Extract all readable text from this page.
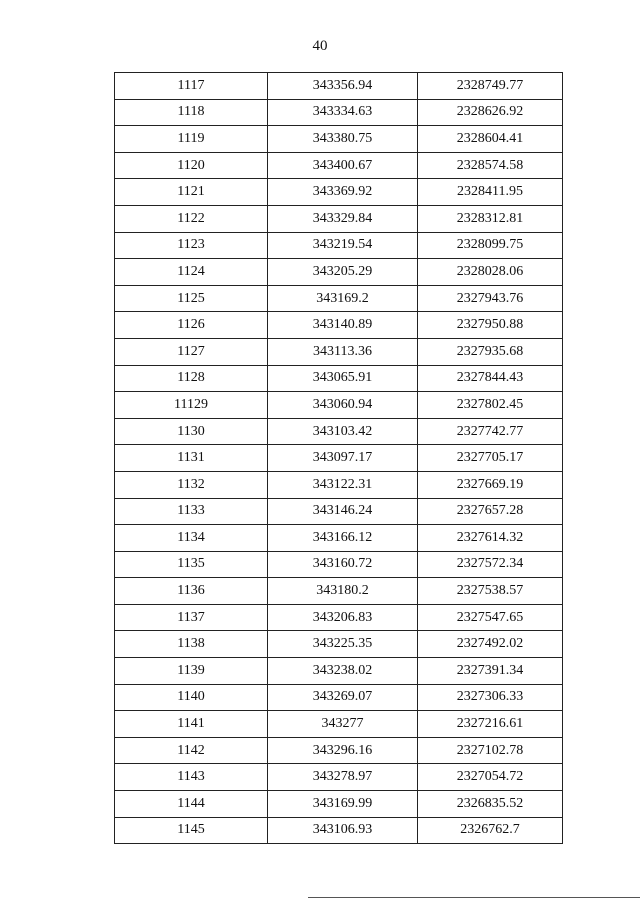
40
1117	343356.94	2328749.77
1118	343334.63	2328626.92
1119	343380.75	2328604.41
1120	343400.67	2328574.58
1121	343369.92	2328411.95
1122	343329.84	2328312.81
1123	343219.54	2328099.75
1124	343205.29	2328028.06
1125	343169.2	2327943.76
1126	343140.89	2327950.88
1127	343113.36	2327935.68
1128	343065.91	2327844.43
11129	343060.94	2327802.45
1130	343103.42	2327742.77
1131	343097.17	2327705.17
1132	343122.31	2327669.19
1133	343146.24	2327657.28
1134	343166.12	2327614.32
1135	343160.72	2327572.34
1136	343180.2	2327538.57
1137	343206.83	2327547.65
1138	343225.35	2327492.02
1139	343238.02	2327391.34
1140	343269.07	2327306.33
1141	343277	2327216.61
1142	343296.16	2327102.78
1143	343278.97	2327054.72
1144	343169.99	2326835.52
1145	343106.93	2326762.7
